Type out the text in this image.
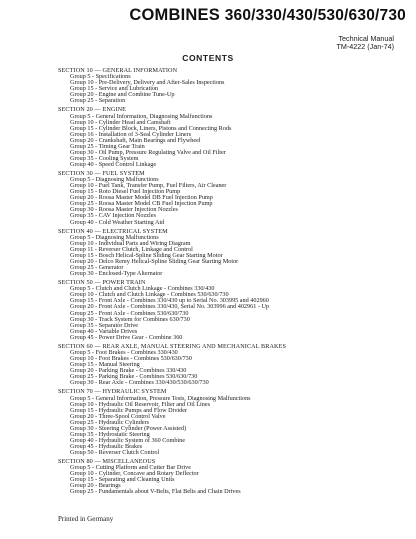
COMBINES 360/330/430/530/630/730
Technical Manual
TM-4222 (Jan-74)
CONTENTS
SECTION 10 — GENERAL INFORMATION
Group 5 - Specifications
Group 10 - Pre-Delivery, Delivery and After-Sales Inspections
Group 15 - Service and Lubrication
Group 20 - Engine and Combine Tune-Up
Group 25 - Separation
SECTION 20 — ENGINE
Group 5 - General Information, Diagnosing Malfunctions
Group 10 - Cylinder Head and Camshaft
Group 15 - Cylinder Block, Liners, Pistons and Connecting Rods
Group 16 - Installation of 3-Seal Cylinder Liners
Group 20 - Crankshaft, Main Bearings and Flywheel
Group 25 - Timing Gear Train
Group 30 - Oil Pump, Pressure Regulating Valve and Oil Filter
Group 35 - Cooling System
Group 40 - Speed Control Linkage
SECTION 30 — FUEL SYSTEM
Group 5 - Diagnosing Malfunctions
Group 10 - Fuel Tank, Transfer Pump, Fuel Filters, Air Cleaner
Group 15 - Roto Diesel Fuel Injection Pump
Group 20 - Roosa Master Model DB Fuel Injection Pump
Group 25 - Roosa Master Model CB Fuel Injection Pump
Group 30 - Roosa Master Injection Nozzles
Group 35 - CAV Injection Nozzles
Group 40 - Cold Weather Starting Aid
SECTION 40 — ELECTRICAL SYSTEM
Group 5 - Diagnosing Malfunctions
Group 10 - Individual Parts and Wiring Diagram
Group 11 - Reverser Clutch, Linkage and Control
Group 15 - Bosch Helical-Spline Sliding Gear Starting Motor
Group 20 - Delco Remy Helical-Spline Sliding Gear Starting Motor
Group 25 - Generator
Group 30 - Enclosed-Type Alternator
SECTION 50 — POWER TRAIN
Group 5 - Clutch and Clutch Linkage - Combines 330/430
Group 10 - Clutch and Clutch Linkage - Combines 530/630/730
Group 15 - Front Axle - Combines 330/430 up to Serial No. 303995 and 402960
Group 20 - Front Axle - Combines 330/430, Serial No. 303996 and 402961 - Up
Group 25 - Front Axle - Combines 530/630/730
Group 30 - Track System for Combines 630/730
Group 35 - Separator Drive
Group 40 - Variable Drives
Group 45 - Power Drive Gear - Combine 360
SECTION 60 — REAR AXLE, MANUAL STEERING AND MECHANICAL BRAKES
Group 5 - Foot Brakes - Combines 330/430
Group 10 - Foot Brakes - Combines 530/630/730
Group 15 - Manual Steering
Group 20 - Parking Brake - Combines 330/430
Group 25 - Parking Brake - Combines 530/630/730
Group 30 - Rear Axle - Combines 330/430/530/630/730
SECTION 70 — HYDRAULIC SYSTEM
Group 5 - General Information, Pressure Tests, Diagnosing Malfunctions
Group 10 - Hydraulic Oil Reservoir, Filter and Oil Lines
Group 15 - Hydraulic Pumps and Flow Divider
Group 20 - Three-Spool Control Valve
Group 25 - Hydraulic Cylinders
Group 30 - Steering Cylinder (Power Assisted)
Group 35 - Hydrostatic Steering
Group 40 - Hydraulic System of 360 Combine
Group 45 - Hydraulic Brakes
Group 50 - Reverser Clutch Control
SECTION 80 — MISCELLANEOUS
Group 5 - Cutting Platform and Cutter Bar Drive
Group 10 - Cylinder, Concave and Rotary Deflector
Group 15 - Separating and Cleaning Units
Group 20 - Bearings
Group 25 - Fundamentals about V-Belts, Flat Belts and Chain Drives
Printed in Germany
